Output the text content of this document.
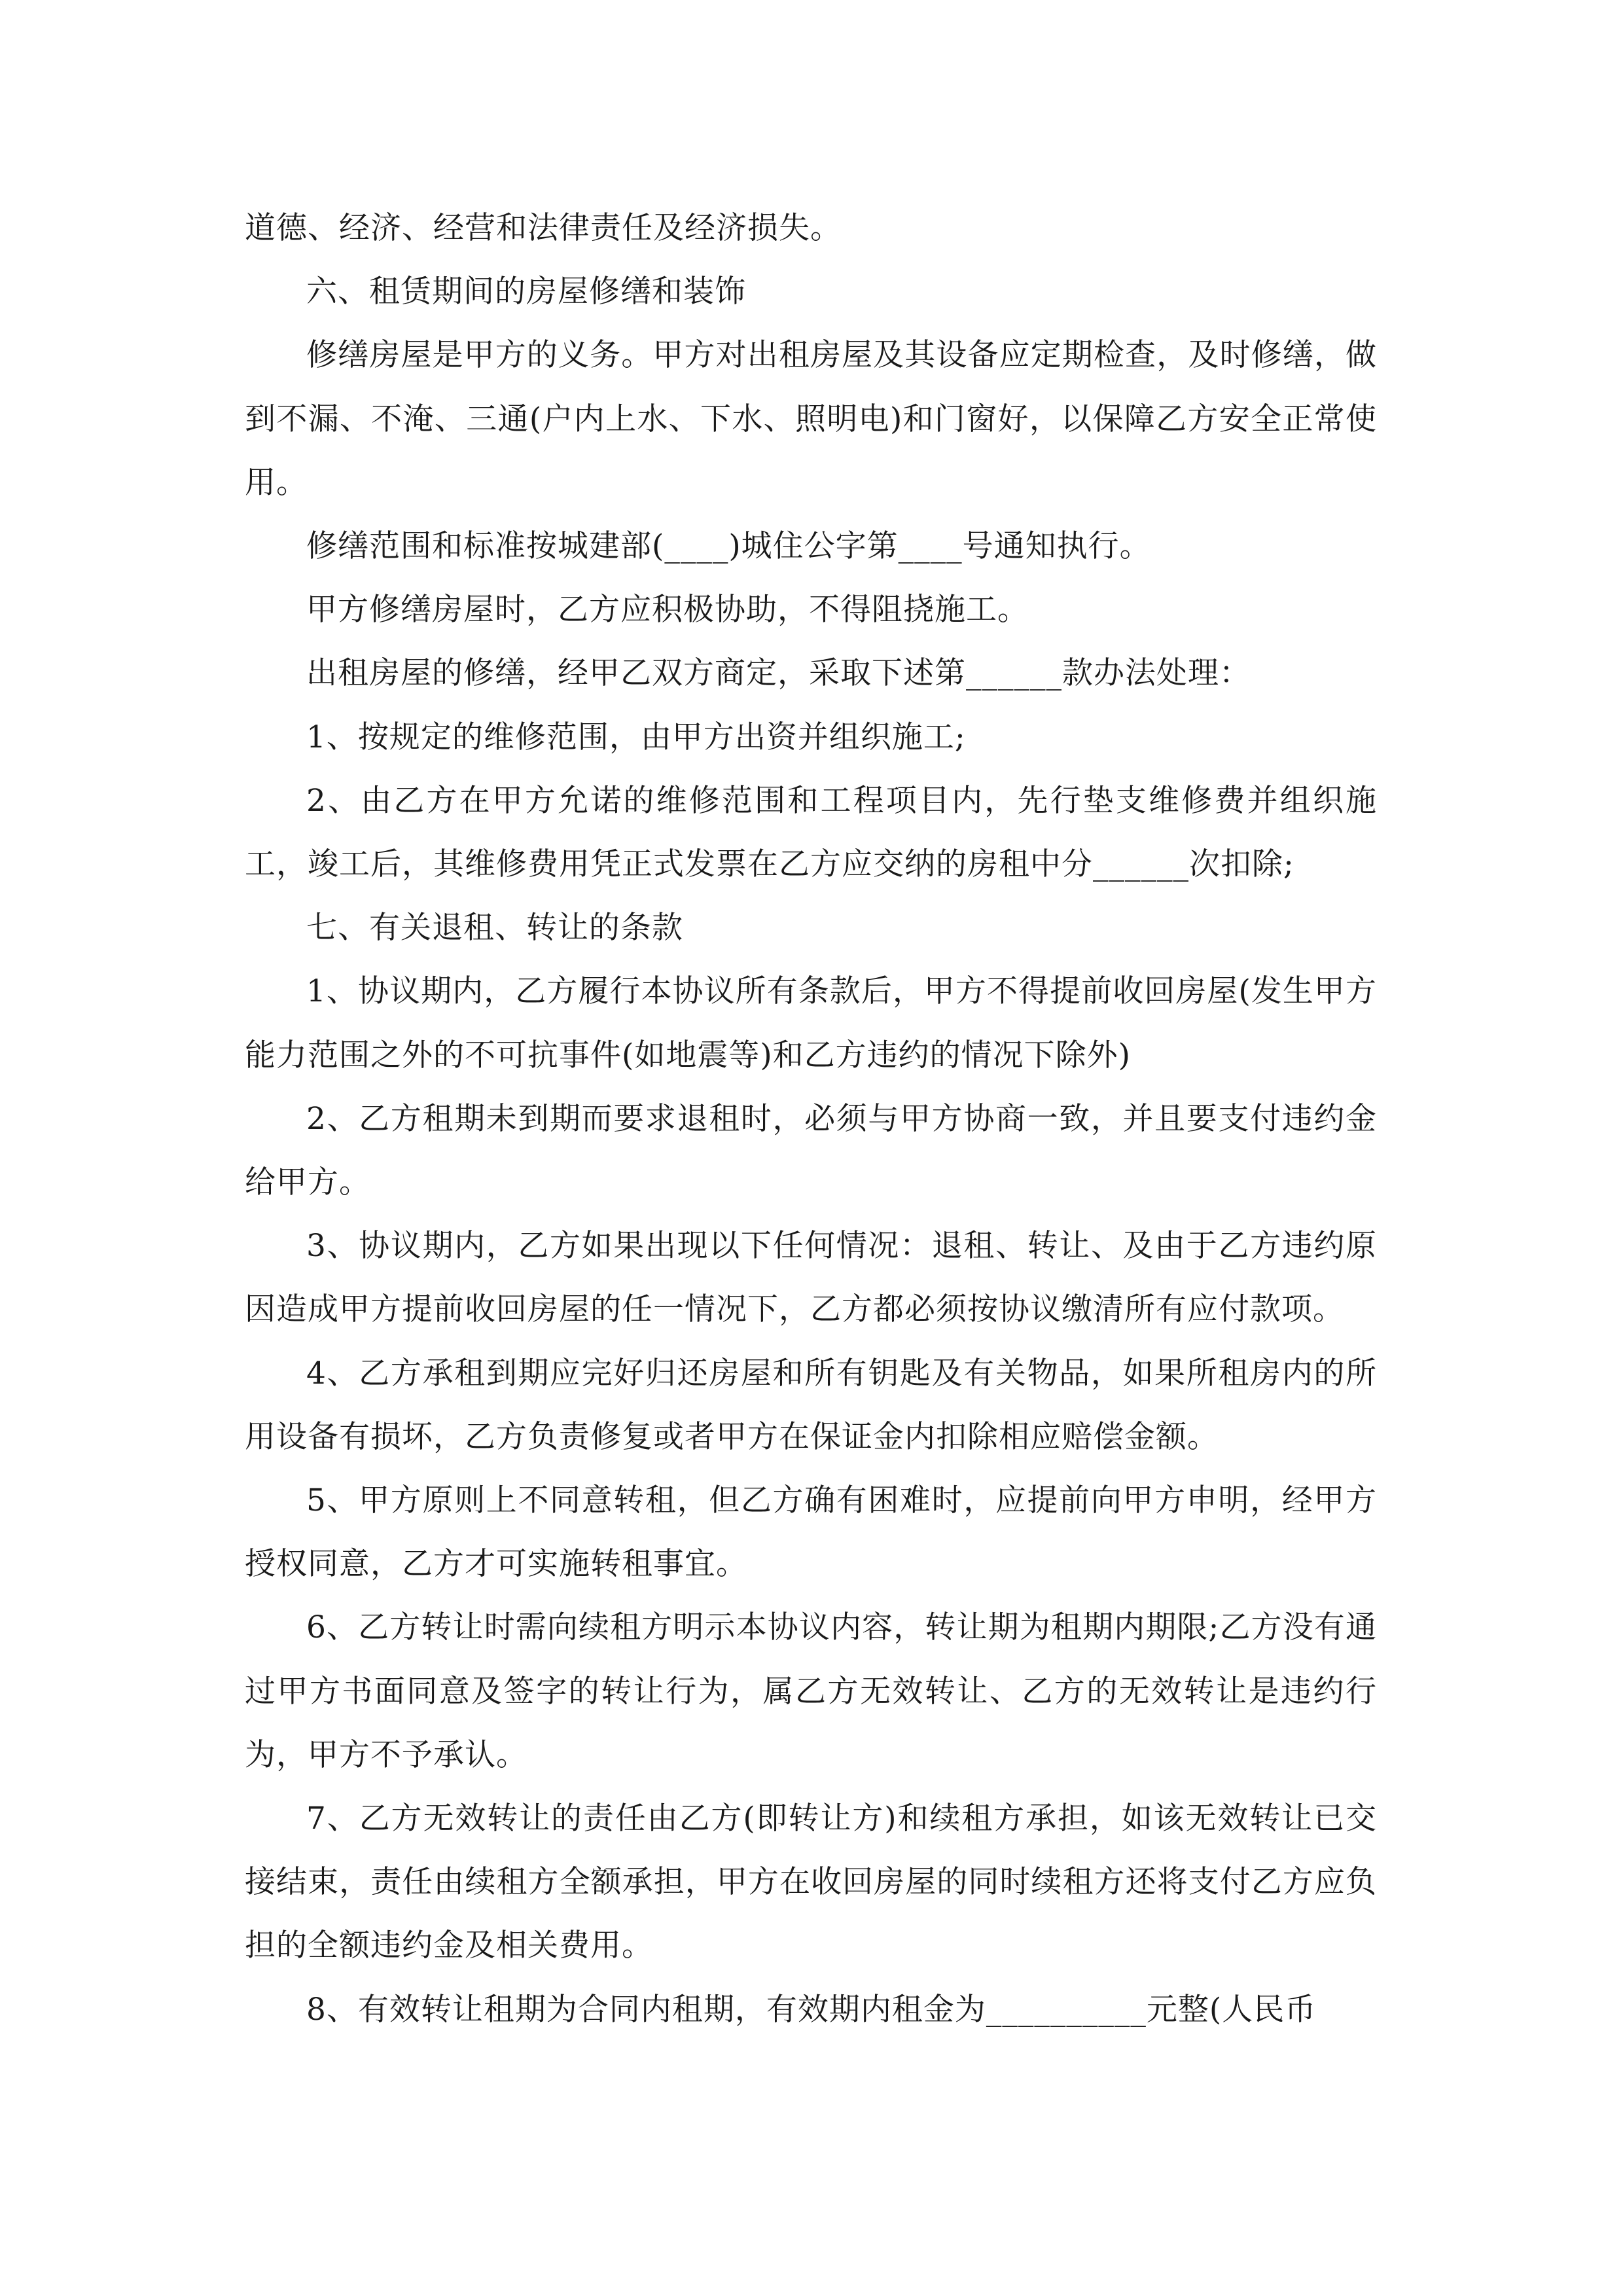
道德、经济、经营和法律责任及经济损失。

六、租赁期间的房屋修缮和装饰

修缮房屋是甲方的义务。甲方对出租房屋及其设备应定期检查，及时修缮，做到不漏、不淹、三通(户内上水、下水、照明电)和门窗好，以保障乙方安全正常使用。

修缮范围和标准按城建部(____)城住公字第____号通知执行。

甲方修缮房屋时，乙方应积极协助，不得阻挠施工。

出租房屋的修缮，经甲乙双方商定，采取下述第______款办法处理：

1、按规定的维修范围，由甲方出资并组织施工;

2、由乙方在甲方允诺的维修范围和工程项目内，先行垫支维修费并组织施工，竣工后，其维修费用凭正式发票在乙方应交纳的房租中分______次扣除;

七、有关退租、转让的条款

1、协议期内，乙方履行本协议所有条款后，甲方不得提前收回房屋(发生甲方能力范围之外的不可抗事件(如地震等)和乙方违约的情况下除外)

2、乙方租期未到期而要求退租时，必须与甲方协商一致，并且要支付违约金给甲方。

3、协议期内，乙方如果出现以下任何情况：退租、转让、及由于乙方违约原因造成甲方提前收回房屋的任一情况下，乙方都必须按协议缴清所有应付款项。

4、乙方承租到期应完好归还房屋和所有钥匙及有关物品，如果所租房内的所用设备有损坏，乙方负责修复或者甲方在保证金内扣除相应赔偿金额。

5、甲方原则上不同意转租，但乙方确有困难时，应提前向甲方申明，经甲方授权同意，乙方才可实施转租事宜。

6、乙方转让时需向续租方明示本协议内容，转让期为租期内期限;乙方没有通过甲方书面同意及签字的转让行为，属乙方无效转让、乙方的无效转让是违约行为，甲方不予承认。

7、乙方无效转让的责任由乙方(即转让方)和续租方承担，如该无效转让已交接结束，责任由续租方全额承担，甲方在收回房屋的同时续租方还将支付乙方应负担的全额违约金及相关费用。

8、有效转让租期为合同内租期，有效期内租金为__________元整(人民币
